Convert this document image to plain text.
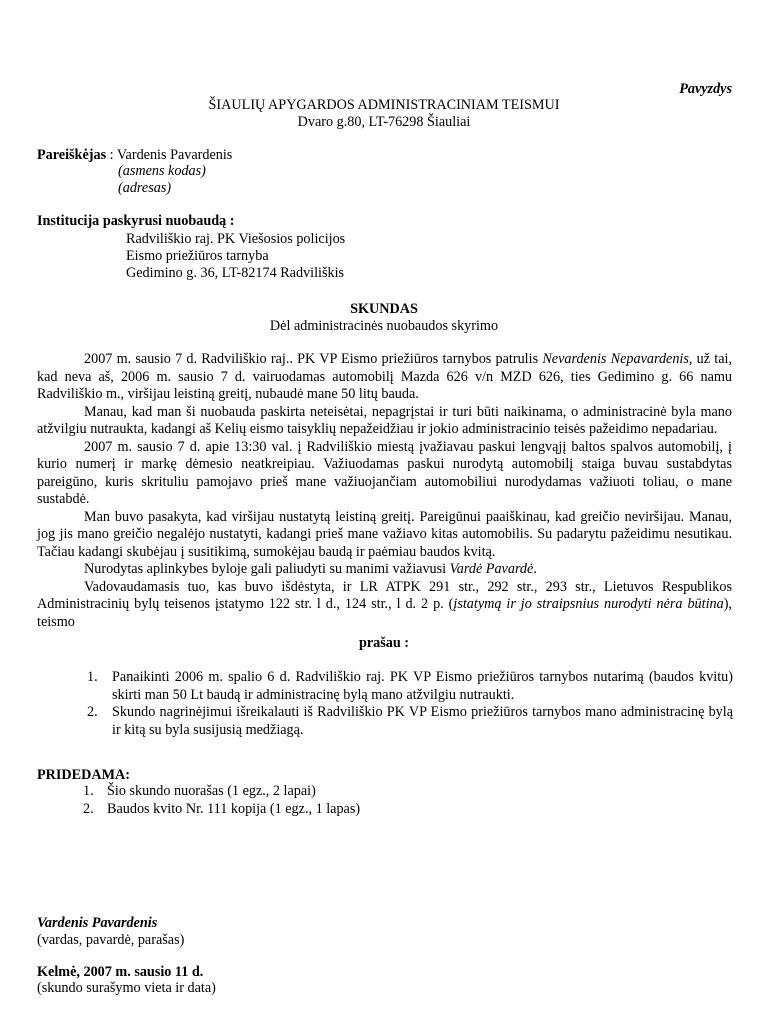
Pavyzdys
ŠIAULIŲ APYGARDOS ADMINISTRACINIAM TEISMUI
Dvaro g.80, LT-76298 Šiauliai
Pareiškėjas : Vardenis Pavardenis
(asmens kodas)
(adresas)
Institucija paskyrusi nuobaudą :
Radviliškio raj. PK Viešosios policijos
Eismo priežiūros tarnyba
Gedimino g. 36, LT-82174 Radviliškis
SKUNDAS
Dėl administracinės nuobaudos skyrimo

2007 m. sausio 7 d. Radviliškio raj.. PK VP Eismo priežiūros tarnybos patrulis Nevardenis Nepavardenis, už tai, kad neva aš, 2006 m. sausio 7 d. vairuodamas automobilį Mazda 626 v/n MZD 626, ties Gedimino g. 66 namu Radviliškio m., viršijau leistiną greitį, nubaudė mane 50 litų bauda.

Manau, kad man ši nuobauda paskirta neteisėtai, nepagrįstai ir turi būti naikinama, o administracinė byla mano atžvilgiu nutraukta, kadangi aš Kelių eismo taisyklių nepažeidžiau ir jokio administracinio teisės pažeidimo nepadariau.

2007 m. sausio 7 d. apie 13:30 val. į Radviliškio miestą įvažiavau paskui lengvąjį baltos spalvos automobilį, į kurio numerį ir markę dėmesio neatkreipiau. Važiuodamas paskui nurodytą automobilį staiga buvau sustabdytas pareigūno, kuris skrituliu pamojavo prieš mane važiuojančiam automobiliui nurodydamas važiuoti toliau, o mane sustabdė.

Man buvo pasakyta, kad viršijau nustatytą leistiną greitį. Pareigūnui paaiškinau, kad greičio neviršijau. Manau, jog jis mano greičio negalėjo nustatyti, kadangi prieš mane važiavo kitas automobilis. Su padarytu pažeidimu nesutikau. Tačiau kadangi skubėjau į susitikimą, sumokėjau baudą ir paėmiau baudos kvitą.

Nurodytas aplinkybes byloje gali paliudyti su manimi važiavusi Vardė Pavardė.

Vadovaudamasis tuo, kas buvo išdėstyta, ir LR ATPK 291 str., 292 str., 293 str., Lietuvos Respublikos Administracinių bylų teisenos įstatymo 122 str. l d., 124 str., l d. 2 p. (įstatymą ir jo straipsnius nurodyti nėra būtina), teismo

prašau :
1. Panaikinti 2006 m. spalio 6 d. Radviliškio raj. PK VP Eismo priežiūros tarnybos nutarimą (baudos kvitu) skirti man 50 Lt baudą ir administracinę bylą mano atžvilgiu nutraukti.
2. Skundo nagrinėjimui išreikalauti iš Radviliškio PK VP Eismo priežiūros tarnybos mano administracinę bylą ir kitą su byla susijusią medžiagą.
PRIDEDAMA:
1. Šio skundo nuorašas (1 egz., 2 lapai)
2. Baudos kvito Nr. 111 kopija (1 egz., 1 lapas)
Vardenis Pavardenis
(vardas, pavardė, parašas)
Kelmė, 2007 m. sausio 11 d.
(skundo surašymo vieta ir data)
